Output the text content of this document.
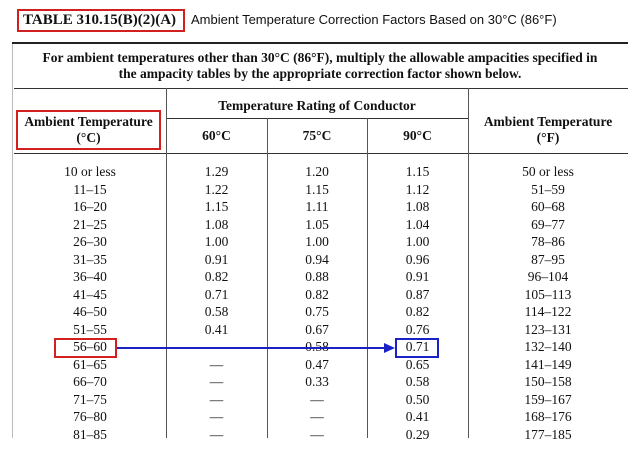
TABLE 310.15(B)(2)(A)	Ambient Temperature Correction Factors Based on 30°C (86°F)
For ambient temperatures other than 30°C (86°F), multiply the allowable ampacities specified in
the ampacity tables by the appropriate correction factor shown below.
Ambient Temperature
(°C)
Temperature Rating of Conductor
60°C	75°C	90°C
Ambient Temperature
(°F)
10 or less	1.29	1.20	1.15	50 or less
11–15	1.22	1.15	1.12	51–59
16–20	1.15	1.11	1.08	60–68
21–25	1.08	1.05	1.04	69–77
26–30	1.00	1.00	1.00	78–86
31–35	0.91	0.94	0.96	87–95
36–40	0.82	0.88	0.91	96–104
41–45	0.71	0.82	0.87	105–113
46–50	0.58	0.75	0.82	114–122
51–55	0.41	0.67	0.76	123–131
56–60	—	0.58	0.71	132–140
61–65	—	0.47	0.65	141–149
66–70	—	0.33	0.58	150–158
71–75	—	—	0.50	159–167
76–80	—	—	0.41	168–176
81–85	—	—	0.29	177–185
